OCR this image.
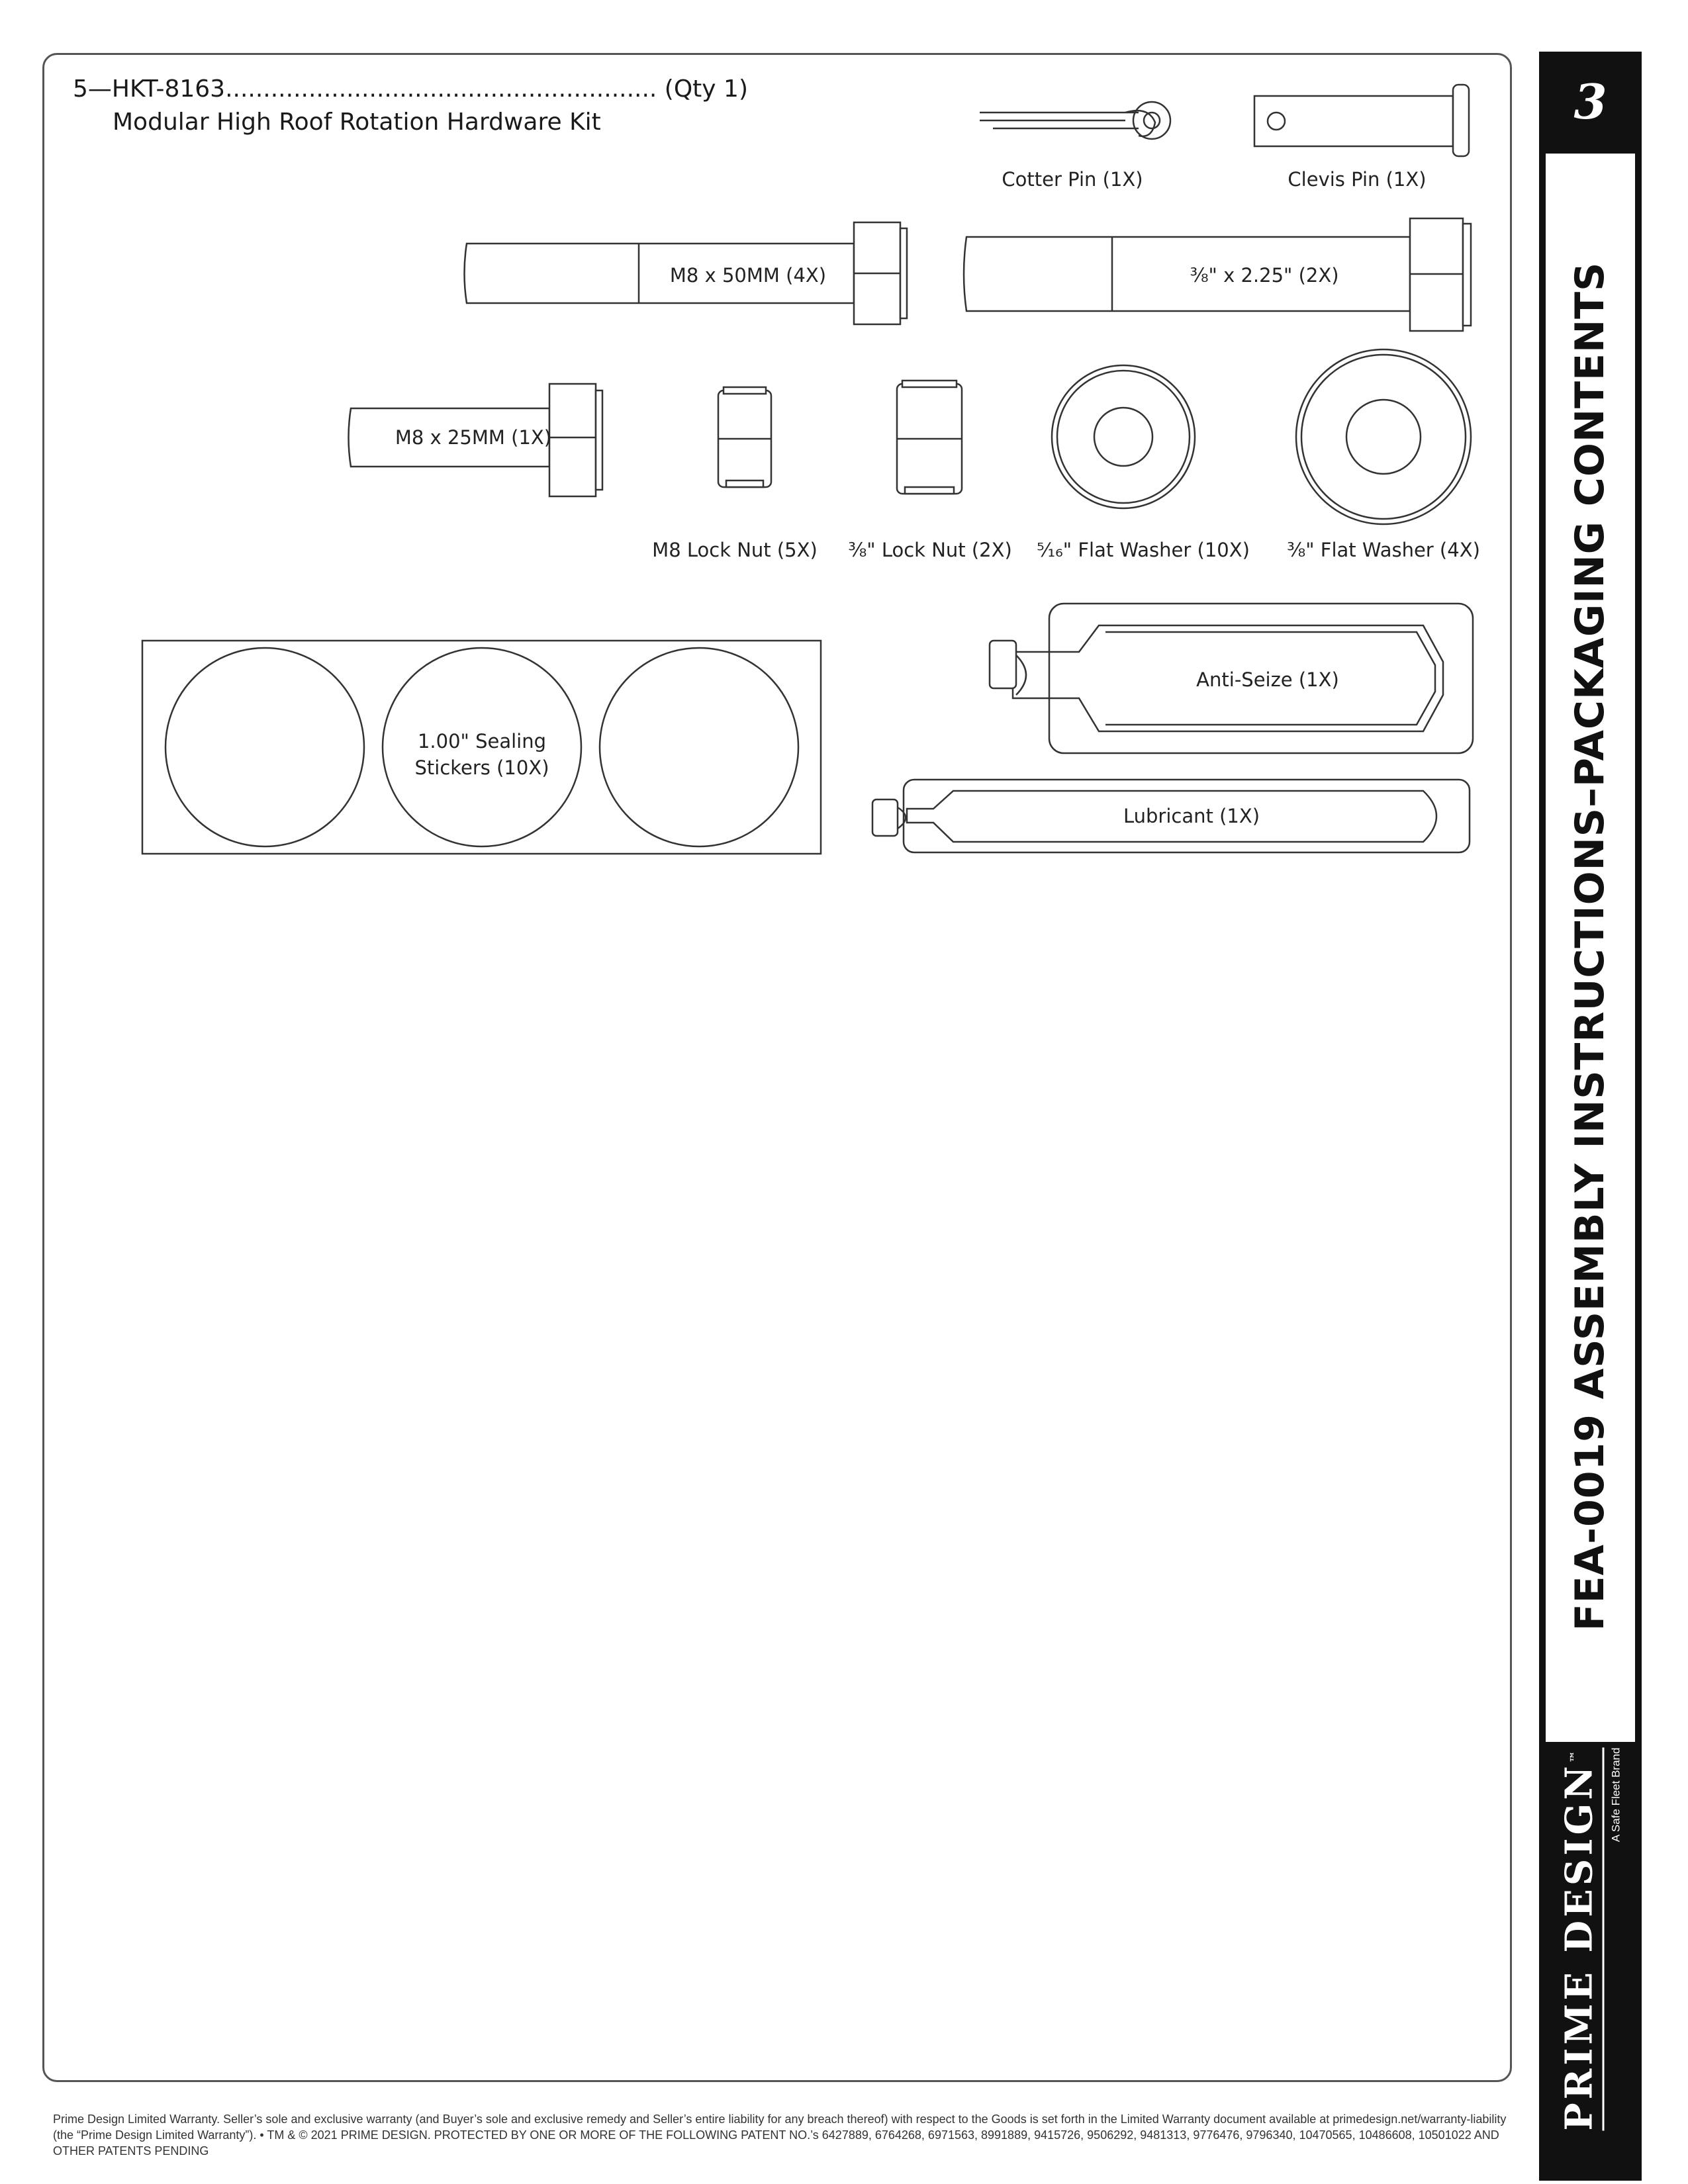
5—HKT-8163......................................................... (Qty 1)
Modular High Roof Rotation Hardware Kit
Cotter Pin (1X)	Clevis Pin (1X)
M8 x 50MM (4X)	⅜" x 2.25" (2X)
M8 x 25MM (1X)
M8 Lock Nut (5X) ⅜" Lock Nut (2X) ⁵⁄₁₆" Flat Washer (10X) ⅜" Flat Washer (4X)
1.00" Sealing
Stickers (10X)
Anti-Seize (1X)
Lubricant (1X)
3
FEA-0019 ASSEMBLY INSTRUCTIONS–PACKAGING CONTENTS
PRIME DESIGN™	A Safe Fleet Brand
Prime Design Limited Warranty. Seller’s sole and exclusive warranty (and Buyer’s sole and exclusive remedy and Seller’s entire liability for any breach thereof) with respect to the Goods is set forth in the Limited Warranty document available at primedesign.net/warranty-liability
(the “Prime Design Limited Warranty”). • TM & © 2021 PRIME DESIGN. PROTECTED BY ONE OR MORE OF THE FOLLOWING PATENT NO.’s 6427889, 6764268, 6971563, 8991889, 9415726, 9506292, 9481313, 9776476, 9796340, 10470565, 10486608, 10501022 AND OTHER PATENTS PENDING
